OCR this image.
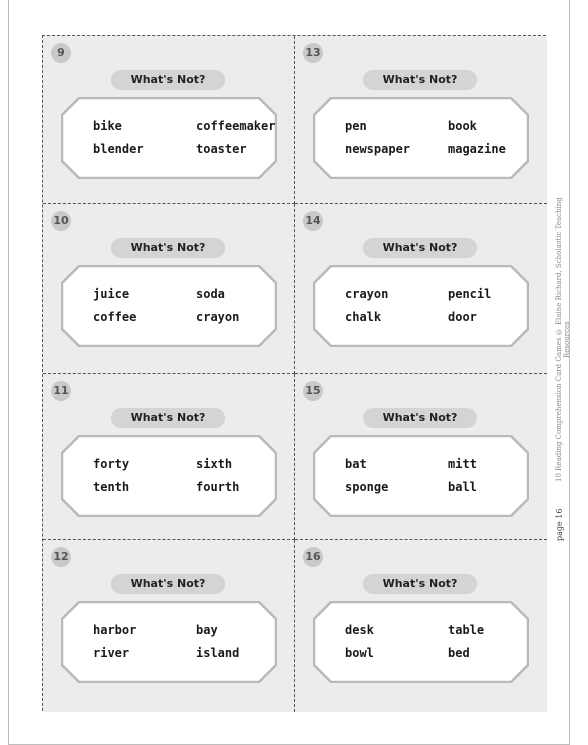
9
What's Not?
bike	coffeemaker
blender	toaster
13
What's Not?
pen	book
newspaper	magazine
10
What's Not?
juice	soda
coffee	crayon
14
What's Not?
crayon	pencil
chalk	door
11
What's Not?
forty	sixth
tenth	fourth
15
What's Not?
bat	mitt
sponge	ball
12
What's Not?
harbor	bay
river	island
16
What's Not?
desk	table
bowl	bed
10 Reading Comprehension Card Games © Elaine Richard, Scholastic Teaching Resources
page 16
